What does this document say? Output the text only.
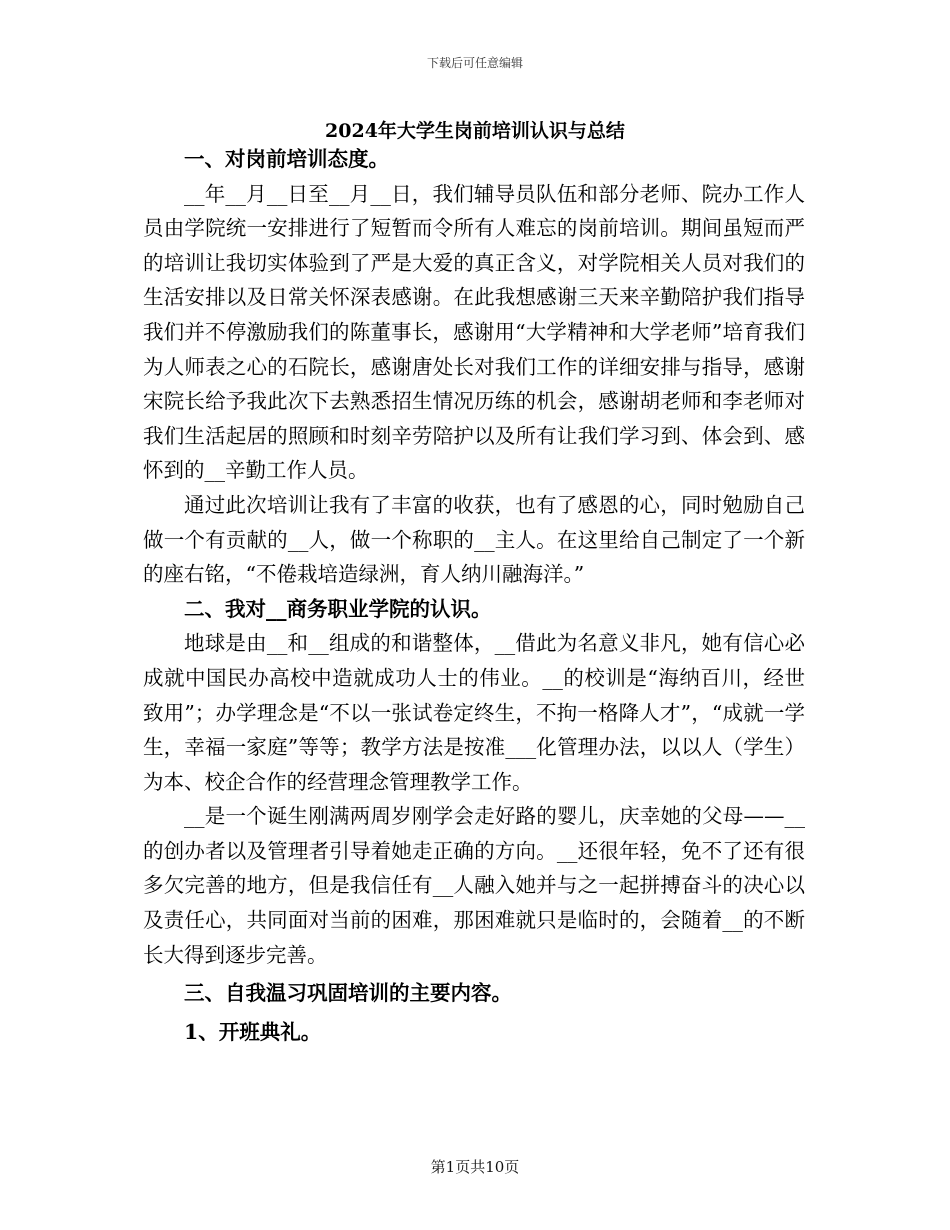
下载后可任意编辑
2024年大学生岗前培训认识与总结

一、对岗前培训态度。

__年__月__日至__月__日，我们辅导员队伍和部分老师、院办工作人员由学院统一安排进行了短暂而令所有人难忘的岗前培训。期间虽短而严的培训让我切实体验到了严是大爱的真正含义，对学院相关人员对我们的生活安排以及日常关怀深表感谢。在此我想感谢三天来辛勤陪护我们指导我们并不停激励我们的陈董事长，感谢用“大学精神和大学老师”培育我们为人师表之心的石院长，感谢唐处长对我们工作的详细安排与指导，感谢宋院长给予我此次下去熟悉招生情况历练的机会，感谢胡老师和李老师对我们生活起居的照顾和时刻辛劳陪护以及所有让我们学习到、体会到、感怀到的__辛勤工作人员。

通过此次培训让我有了丰富的收获，也有了感恩的心，同时勉励自己做一个有贡献的__人，做一个称职的__主人。在这里给自己制定了一个新的座右铭，“不倦栽培造绿洲，育人纳川融海洋。”

二、我对__商务职业学院的认识。

地球是由__和__组成的和谐整体，__借此为名意义非凡，她有信心必成就中国民办高校中造就成功人士的伟业。__的校训是“海纳百川，经世致用”；办学理念是“不以一张试卷定终生，不拘一格降人才”，“成就一学生，幸福一家庭”等等；教学方法是按准___化管理办法，以以人（学生）为本、校企合作的经营理念管理教学工作。

__是一个诞生刚满两周岁刚学会走好路的婴儿，庆幸她的父母——__的创办者以及管理者引导着她走正确的方向。__还很年轻，免不了还有很多欠完善的地方，但是我信任有__人融入她并与之一起拼搏奋斗的决心以及责任心，共同面对当前的困难，那困难就只是临时的，会随着__的不断长大得到逐步完善。

三、自我温习巩固培训的主要内容。

1、开班典礼。

第1页共10页
